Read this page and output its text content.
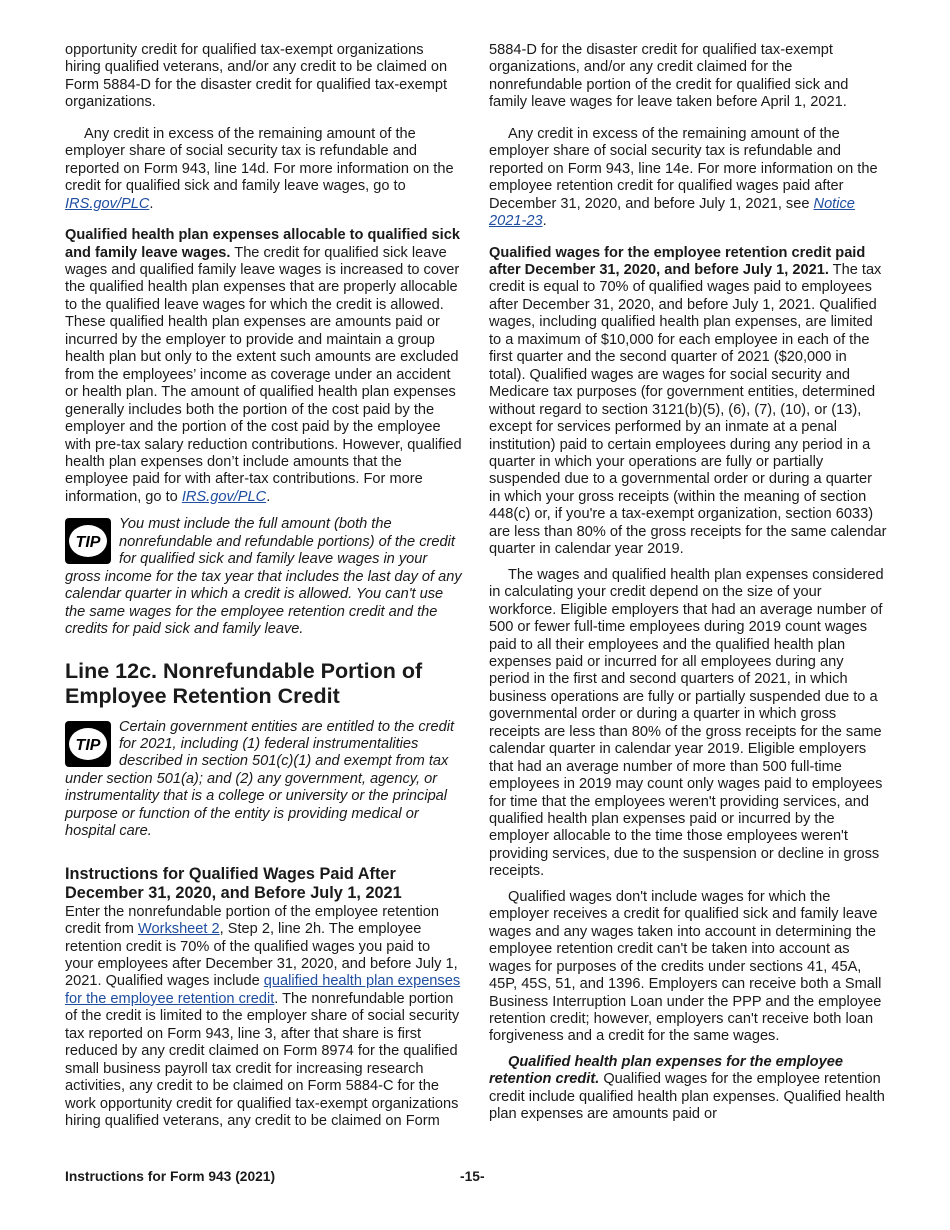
opportunity credit for qualified tax-exempt organizations hiring qualified veterans, and/or any credit to be claimed on Form 5884-D for the disaster credit for qualified tax-exempt organizations.

Any credit in excess of the remaining amount of the employer share of social security tax is refundable and reported on Form 943, line 14d. For more information on the credit for qualified sick and family leave wages, go to IRS.gov/PLC.

Qualified health plan expenses allocable to qualified sick and family leave wages. The credit for qualified sick leave wages and qualified family leave wages is increased to cover the qualified health plan expenses that are properly allocable to the qualified leave wages for which the credit is allowed. These qualified health plan expenses are amounts paid or incurred by the employer to provide and maintain a group health plan but only to the extent such amounts are excluded from the employees’ income as coverage under an accident or health plan. The amount of qualified health plan expenses generally includes both the portion of the cost paid by the employer and the portion of the cost paid by the employee with pre-tax salary reduction contributions. However, qualified health plan expenses don’t include amounts that the employee paid for with after-tax contributions. For more information, go to IRS.gov/PLC.

TIP
You must include the full amount (both the nonrefundable and refundable portions) of the credit for qualified sick and family leave wages in your gross income for the tax year that includes the last day of any calendar quarter in which a credit is allowed. You can't use the same wages for the employee retention credit and the credits for paid sick and family leave.
Line 12c. Nonrefundable Portion of Employee Retention Credit
TIP
Certain government entities are entitled to the credit for 2021, including (1) federal instrumentalities described in section 501(c)(1) and exempt from tax under section 501(a); and (2) any government, agency, or instrumentality that is a college or university or the principal purpose or function of the entity is providing medical or hospital care.
Instructions for Qualified Wages Paid After December 31, 2020, and Before July 1, 2021

Enter the nonrefundable portion of the employee retention credit from Worksheet 2, Step 2, line 2h. The employee retention credit is 70% of the qualified wages you paid to your employees after December 31, 2020, and before July 1, 2021. Qualified wages include qualified health plan expenses for the employee retention credit. The nonrefundable portion of the credit is limited to the employer share of social security tax reported on Form 943, line 3, after that share is first reduced by any credit claimed on Form 8974 for the qualified small business payroll tax credit for increasing research activities, any credit to be claimed on Form 5884-C for the work opportunity credit for qualified tax-exempt organizations hiring qualified veterans, any credit to be claimed on Form

5884-D for the disaster credit for qualified tax-exempt organizations, and/or any credit claimed for the nonrefundable portion of the credit for qualified sick and family leave wages for leave taken before April 1, 2021.

Any credit in excess of the remaining amount of the employer share of social security tax is refundable and reported on Form 943, line 14e. For more information on the employee retention credit for qualified wages paid after December 31, 2020, and before July 1, 2021, see Notice 2021-23.

Qualified wages for the employee retention credit paid after December 31, 2020, and before July 1, 2021. The tax credit is equal to 70% of qualified wages paid to employees after December 31, 2020, and before July 1, 2021. Qualified wages, including qualified health plan expenses, are limited to a maximum of $10,000 for each employee in each of the first quarter and the second quarter of 2021 ($20,000 in total). Qualified wages are wages for social security and Medicare tax purposes (for government entities, determined without regard to section 3121(b)(5), (6), (7), (10), or (13), except for services performed by an inmate at a penal institution) paid to certain employees during any period in a quarter in which your operations are fully or partially suspended due to a governmental order or during a quarter in which your gross receipts (within the meaning of section 448(c) or, if you're a tax-exempt organization, section 6033) are less than 80% of the gross receipts for the same calendar quarter in calendar year 2019.

The wages and qualified health plan expenses considered in calculating your credit depend on the size of your workforce. Eligible employers that had an average number of 500 or fewer full-time employees during 2019 count wages paid to all their employees and the qualified health plan expenses paid or incurred for all employees during any period in the first and second quarters of 2021, in which business operations are fully or partially suspended due to a governmental order or during a quarter in which gross receipts are less than 80% of the gross receipts for the same calendar quarter in calendar year 2019. Eligible employers that had an average number of more than 500 full-time employees in 2019 may count only wages paid to employees for time that the employees weren't providing services, and qualified health plan expenses paid or incurred by the employer allocable to the time those employees weren't providing services, due to the suspension or decline in gross receipts.

Qualified wages don't include wages for which the employer receives a credit for qualified sick and family leave wages and any wages taken into account in determining the employee retention credit can't be taken into account as wages for purposes of the credits under sections 41, 45A, 45P, 45S, 51, and 1396. Employers can receive both a Small Business Interruption Loan under the PPP and the employee retention credit; however, employers can't receive both loan forgiveness and a credit for the same wages.

Qualified health plan expenses for the employee retention credit. Qualified wages for the employee retention credit include qualified health plan expenses. Qualified health plan expenses are amounts paid or

Instructions for Form 943 (2021)	-15-
